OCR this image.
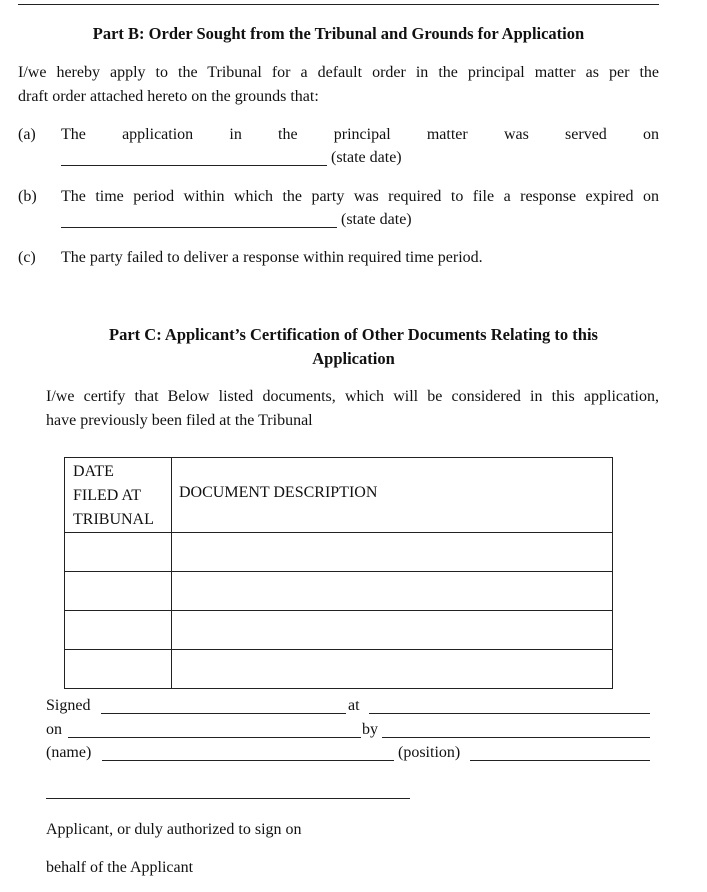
Part B: Order Sought from the Tribunal and Grounds for Application
I/we hereby apply to the Tribunal for a default order in the principal matter as per the
draft order attached hereto on the grounds that:
(a) The application in the principal matter was served on
(state date)
(b) The time period within which the party was required to file a response expired on
(state date)
(c) The party failed to deliver a response within required time period.
Part C: Applicant’s Certification of Other Documents Relating to this
Application
I/we certify that Below listed documents, which will be considered in this application,
have previously been filed at the Tribunal
DATE
FILED AT
TRIBUNAL	DOCUMENT DESCRIPTION

Signed	at
on	by
(name)	(position)
Applicant, or duly authorized to sign on
behalf of the Applicant
